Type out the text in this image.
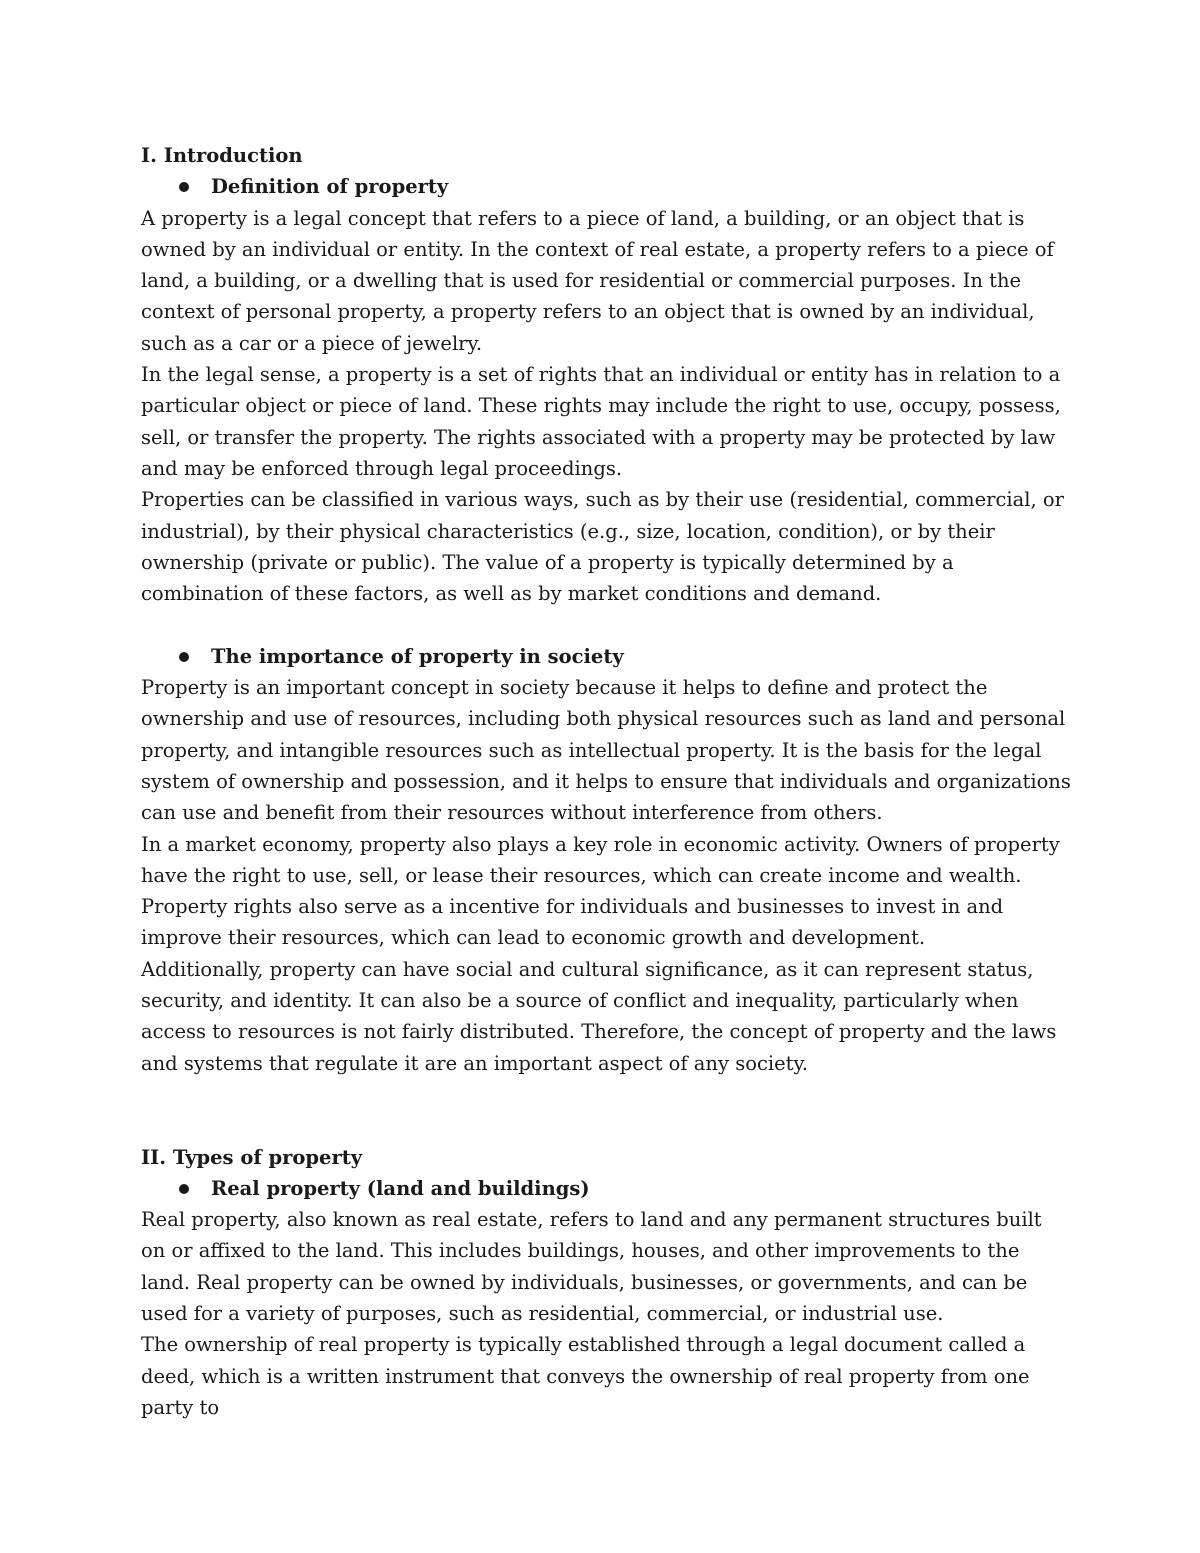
I. Introduction

Definition of property

A property is a legal concept that refers to a piece of land, a building, or an object that is owned by an individual or entity. In the context of real estate, a property refers to a piece of land, a building, or a dwelling that is used for residential or commercial purposes. In the context of personal property, a property refers to an object that is owned by an individual, such as a car or a piece of jewelry.

In the legal sense, a property is a set of rights that an individual or entity has in relation to a particular object or piece of land. These rights may include the right to use, occupy, possess, sell, or transfer the property. The rights associated with a property may be protected by law and may be enforced through legal proceedings.

Properties can be classified in various ways, such as by their use (residential, commercial, or industrial), by their physical characteristics (e.g., size, location, condition), or by their ownership (private or public). The value of a property is typically determined by a combination of these factors, as well as by market conditions and demand.

The importance of property in society

Property is an important concept in society because it helps to define and protect the ownership and use of resources, including both physical resources such as land and personal property, and intangible resources such as intellectual property. It is the basis for the legal system of ownership and possession, and it helps to ensure that individuals and organizations can use and benefit from their resources without interference from others.

In a market economy, property also plays a key role in economic activity. Owners of property have the right to use, sell, or lease their resources, which can create income and wealth. Property rights also serve as a incentive for individuals and businesses to invest in and improve their resources, which can lead to economic growth and development.

Additionally, property can have social and cultural significance, as it can represent status, security, and identity. It can also be a source of conflict and inequality, particularly when access to resources is not fairly distributed. Therefore, the concept of property and the laws and systems that regulate it are an important aspect of any society.

II. Types of property

Real property (land and buildings)

Real property, also known as real estate, refers to land and any permanent structures built on or affixed to the land. This includes buildings, houses, and other improvements to the land. Real property can be owned by individuals, businesses, or governments, and can be used for a variety of purposes, such as residential, commercial, or industrial use.

The ownership of real property is typically established through a legal document called a deed, which is a written instrument that conveys the ownership of real property from one party to
